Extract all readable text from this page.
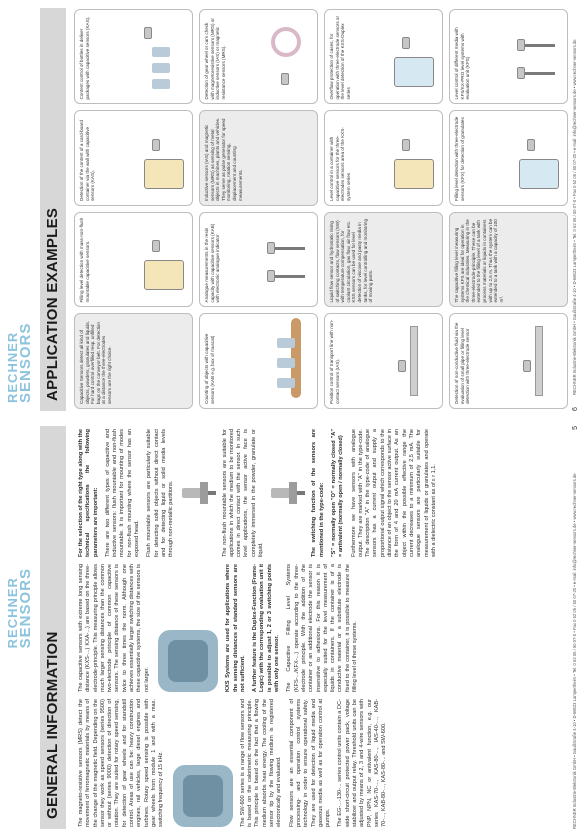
RECHNER
SENSORS
GENERAL INFORMATION	The magneto-resistive sensors (MRS) detect the movement of ferromagnetic materials by means of the change of the magnetic field. Depending on the sensor they work as speed sensors (series 9500) or without (series 9000) detection of direction of rotation. They are suited for rotary speed sensing, for detection of gear wheels and for standstill control. Areas of use can be: heavy construction engines, rail vehicles, large diesel engines and turbines. Rotary speed sensing is possible with gear wheels from module 1 and with a max. switching frequency of 15 kHz.	The SW-600 series is a range of flow sensors and is based on the calorimetric measuring principle. This principle is based on the fact that a flowing medium absorbs heat energy. The cooling of the sensor tip by the flowing medium is registered electronically and evaluated. Flow sensors are an essential component of processing- and operation control systems technology in order to ensure operational safety. They are used for detection of liquid media and gaseous media as well as for operation control at pumps. The EG-...-130-... series control units contain a DC-wide short-circuit protected power pack, voltage stabilizer and output relay. Threshold units can be adjusted by means of 2, 3 and 4-wire sensors with PNP, NPN, NC or antivalent function, e.g. our series KAS-70-..., KAS-80-..., IAS-40-..., KAB-70-..., KAB-80-..., KAS-80-... and SW-600.

The capacitive sensors with extreme long sensing distance (KXS-...) KXA-...) are based on the three-electrode-principle. This measuring principle allows much larger sensing distances than the common two-electrode principle of common capacitive sensors. The sensing distance of these sensors is twice to three times the norm. Although one achieves essentially larger switching distances with these capacitive systems, the size of the sensors is not larger.	KXS Systems are used for applications where the sensing distances of standard sensors are not sufficient. A further feature is the Duplex-Function (Frame-Logic) with the corresponding evaluation unit it is possible to adjust 1, 2 or 3 switching points with only one sensor. The Capacitive Filling Level Systems (KFS-.../KFX-...) operate according to the three-electrode principle. With the addition of the container or an additional electrode the sensor is insensitive to adhesions. For this reason it is especially suited for the level measurement of liquids in containers. If the container is of a conductive material or a substitute electrode is fixed to the container, it is possible to measure the filling level of these systems.

For the selection of the right type along with the technical specifications the following parameters are important: There are two different types of capacitive and inductive sensors: flush mountable and non-flush mountable. It is important for mounting of modes for non-flush mounting where the sensor has an exposed head. Flush mountable sensors are particularly suitable for detecting solid objects without direct contact and for detecting liquid or solid media levels through non-metallic partitions.	The non-flush mountable sensors are suitable for applications in which the medium to be monitored comes in direct contact with the sensor. In such level applications, the sensor active face is completely immersed in the powder, granulate or liquid.	The switching function of the sensors are mentioned in the type-code: "S" = normally open "O" = normally closed "A" = antivalent (normally open / normally closed) Furthermore we have sensors with analogue output. They are marked with "A" in the type-code. The description "A" in the type-code of analogue sensors has a current output and supply a proportional output signal which corresponds to the distance of an object to the sensor active surface in the form of 4 and 20 mA current output. As an object within the possible effective range the current decreases to a minimum of 2,5 mA. The analogue sensors are particularly suitable for measurement of liquids or granulates and operate with a dielectric constant as of ε r 1,1.	RECHNER Industrie-Elektronik GmbH • Gaußstraße 4-10 • D-68623 Lampertheim • Tel. 0 62 06 / 50 07-0 • Fax 0 62 06 / 50 07-20 • e-mail: info@rechner-sensors.de • www.rechner-sensors.de
5
RECHNER
SENSORS APPLICATION EXAMPLES	Capacitive Sensors detect all kind of objects, powders, granulates and liquids. For hard control overfilled resp. unfilled bags on the conveyor belt. For detection at a distance the three-electrodes sensors are the right choice.
Filling level detection with mass-non-flush mountable capacitive sensors.
Detection of the content of a card-board container via the wall with capacitive sensors (KAS).
Content control of bottles in deliver packages with capacitive sensors (KAS).
Counting of objects with capacitive sensors (KAB e.g. box of muscat)
Analogue measurements in the resin capacity with capacitive sensors (KAB) with electronic analogue indicator
Inductive sensors (IAS) and magnetic sensors (MRS) as sensing of metal objects in machines, plants and vehicles. They serve as pulse generator for speed monitoring, rotation sensing, displacement and counting measurements.
Detection of gear wheel or cam check with magnetoresistive sensors (MRS) or inductive sensors (IAS) or magnetic resistance sensors (MRS).
Position control of transport line with non-contact sensors (IAS).
Liquid flow sensor and hydrostatic rising of switching contacts, flow sensors (SW) with temperature compensation, for coolant circulation, gas flow, air flow etc. KSS sensors can be used for level detection of viscose and pasty media in tanks, for level controlling and monitoring of moving parts.
Level control in a container with capacitive sensors for the three-electrodes sensors area of the KXS-system series
Overflow protection of cases, for operation with three-electrode sensors or the level detection of the KXS-Duplex series
Detection of non-conductive fluid via the evaluation of small pipe or filling level detection with three-electrode sensor
The capacitive filling level measuring systems KFS are ideal for operation in the chemical industries. Measuring in the three-electrode-principle. These can be extended to the filling level of a tank with process materials or liquids in containers with up to 2,5 m. Thus the system can be extended to a tank with a capacity of 100 m³.
Filling level detection with three-electrode sensors (KFX) for detection of granulates
Level control of different media with KFS/KX-PRO level systems with evaluation unit (KFS)
6
RECHNER Industrie-Elektronik GmbH • Gaußstraße 4-10 • D-68623 Lampertheim • Tel. 0 62 06 / 50 07-0 • Fax 0 62 06 / 50 07-20 • e-mail: info@rechner-sensors.de • www.rechner-sensors.de
